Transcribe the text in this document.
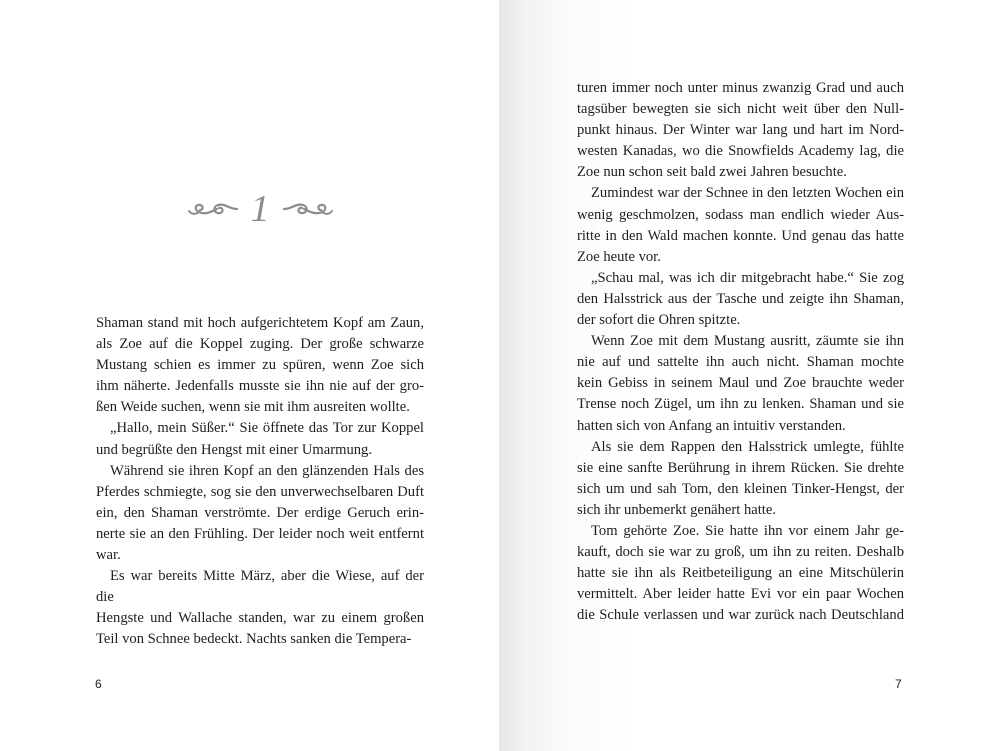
1

Shaman stand mit hoch aufgerichtetem Kopf am Zaun,
als Zoe auf die Koppel zuging. Der große schwarze
Mustang schien es immer zu spüren, wenn Zoe sich
ihm näherte. Jedenfalls musste sie ihn nie auf der gro-
ßen Weide suchen, wenn sie mit ihm ausreiten wollte.

„Hallo, mein Süßer.“ Sie öffnete das Tor zur Koppel
und begrüßte den Hengst mit einer Umarmung.

Während sie ihren Kopf an den glänzenden Hals des
Pferdes schmiegte, sog sie den unverwechselbaren Duft
ein, den Shaman verströmte. Der erdige Geruch erin-
nerte sie an den Frühling. Der leider noch weit entfernt
war.

Es war bereits Mitte März, aber die Wiese, auf der die
Hengste und Wallache standen, war zu einem großen
Teil von Schnee bedeckt. Nachts sanken die Tempera-

6

turen immer noch unter minus zwanzig Grad und auch
tagsüber bewegten sie sich nicht weit über den Null-
punkt hinaus. Der Winter war lang und hart im Nord-
westen Kanadas, wo die Snowfields Academy lag, die
Zoe nun schon seit bald zwei Jahren besuchte.

Zumindest war der Schnee in den letzten Wochen ein
wenig geschmolzen, sodass man endlich wieder Aus-
ritte in den Wald machen konnte. Und genau das hatte
Zoe heute vor.

„Schau mal, was ich dir mitgebracht habe.“ Sie zog
den Halsstrick aus der Tasche und zeigte ihn Shaman,
der sofort die Ohren spitzte.

Wenn Zoe mit dem Mustang ausritt, zäumte sie ihn
nie auf und sattelte ihn auch nicht. Shaman mochte
kein Gebiss in seinem Maul und Zoe brauchte weder
Trense noch Zügel, um ihn zu lenken. Shaman und sie
hatten sich von Anfang an intuitiv verstanden.

Als sie dem Rappen den Halsstrick umlegte, fühlte
sie eine sanfte Berührung in ihrem Rücken. Sie drehte
sich um und sah Tom, den kleinen Tinker-Hengst, der
sich ihr unbemerkt genähert hatte.

Tom gehörte Zoe. Sie hatte ihn vor einem Jahr ge-
kauft, doch sie war zu groß, um ihn zu reiten. Deshalb
hatte sie ihn als Reitbeteiligung an eine Mitschülerin
vermittelt. Aber leider hatte Evi vor ein paar Wochen
die Schule verlassen und war zurück nach Deutschland

7
